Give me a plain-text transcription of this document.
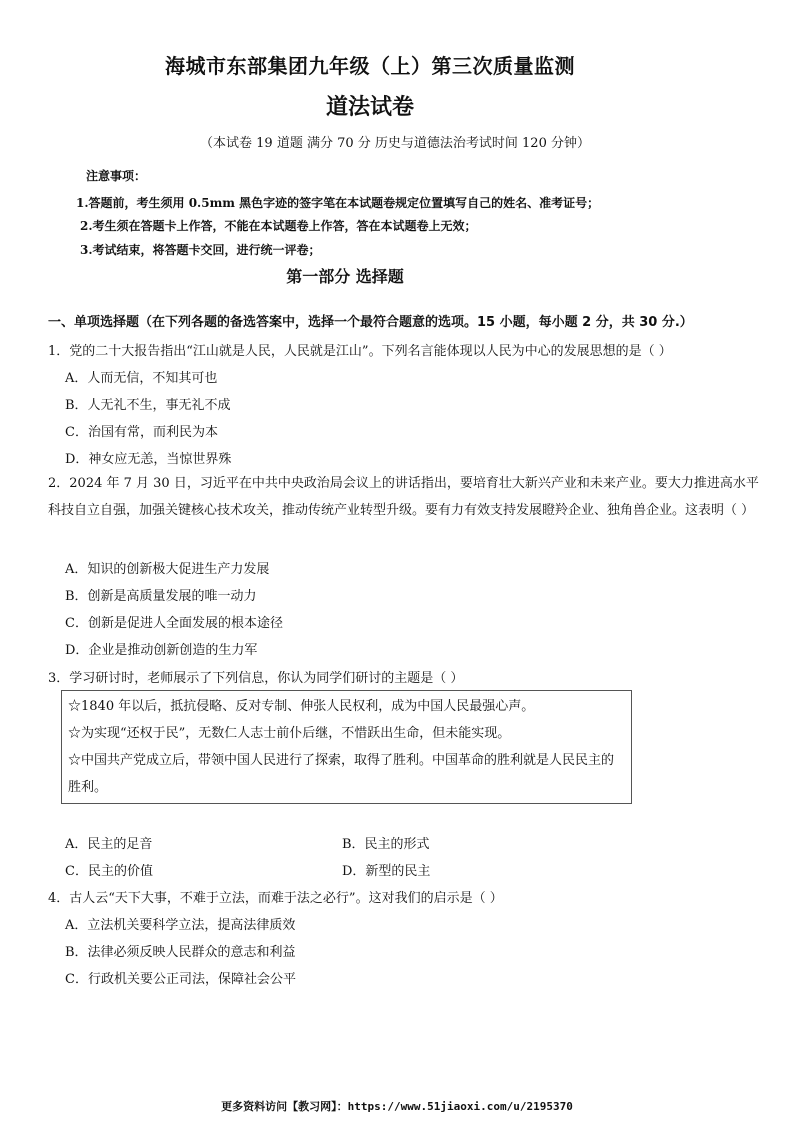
海城市东部集团九年级（上）第三次质量监测
道法试卷
（本试卷 19 道题 满分 70 分 历史与道德法治考试时间 120 分钟）
注意事项：
1.答题前，考生须用 0.5mm 黑色字迹的签字笔在本试题卷规定位置填写自己的姓名、准考证号；
2.考生须在答题卡上作答，不能在本试题卷上作答，答在本试题卷上无效；
3.考试结束，将答题卡交回，进行统一评卷；
第一部分 选择题
一、单项选择题（在下列各题的备选答案中，选择一个最符合题意的选项。15 小题，每小题 2 分，共 30 分.）
1．党的二十大报告指出“江山就是人民，人民就是江山”。下列名言能体现以人民为中心的发展思想的是（ ）
A．人而无信，不知其可也
B．人无礼不生，事无礼不成
C．治国有常，而利民为本
D．神女应无恙，当惊世界殊
2．2024 年 7 月 30 日，习近平在中共中央政治局会议上的讲话指出，要培育壮大新兴产业和未来产业。要大力推进高水平科技自立自强，加强关键核心技术攻关，推动传统产业转型升级。要有力有效支持发展瞪羚企业、独角兽企业。这表明（ ）
A．知识的创新极大促进生产力发展
B．创新是高质量发展的唯一动力
C．创新是促进人全面发展的根本途径
D．企业是推动创新创造的生力军
3．学习研讨时，老师展示了下列信息，你认为同学们研讨的主题是（ ）
☆1840 年以后，抵抗侵略、反对专制、伸张人民权利，成为中国人民最强心声。
☆为实现“还权于民”，无数仁人志士前仆后继，不惜跃出生命，但未能实现。
☆中国共产党成立后，带领中国人民进行了探索，取得了胜利。中国革命的胜利就是人民民主的胜利。
A．民主的足音	B．民主的形式
C．民主的价值	D．新型的民主
4．古人云“天下大事，不难于立法，而难于法之必行”。这对我们的启示是（ ）
A．立法机关要科学立法，提高法律质效
B．法律必须反映人民群众的意志和利益
C．行政机关要公正司法，保障社会公平
更多资料访问【教习网】：https://www.51jiaoxi.com/u/2195370
